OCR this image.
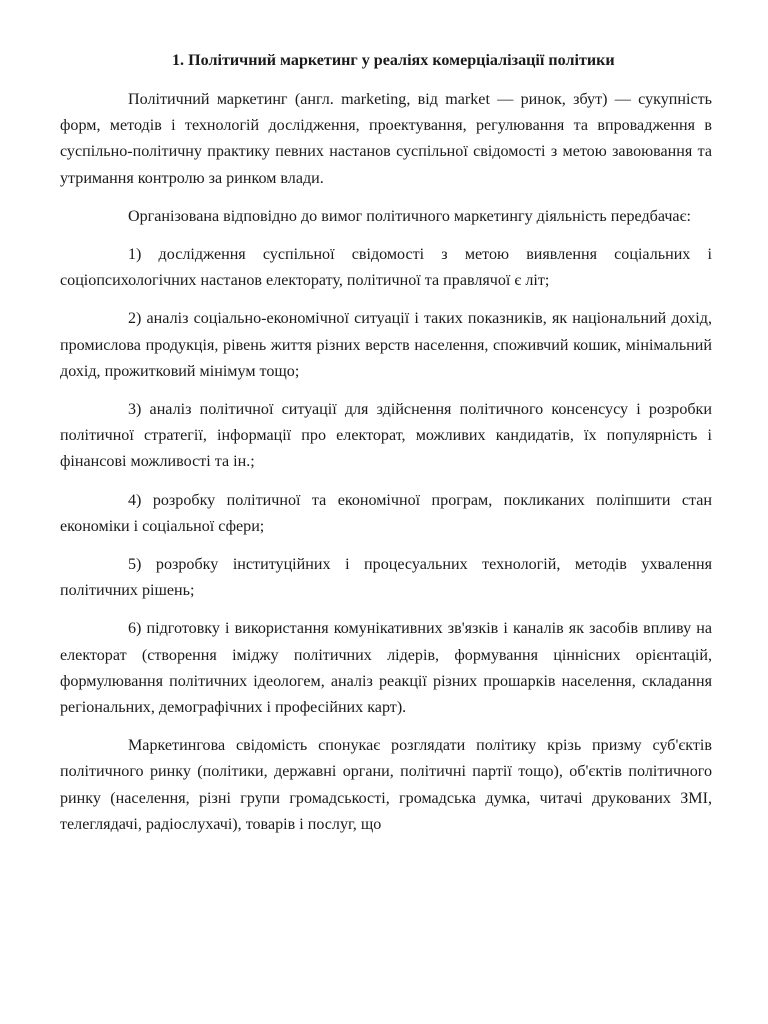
1. Політичний маркетинг у реаліях комерціалізації політики

Політичний маркетинг (англ. marketing, від market — ринок, збут) — сукупність форм, методів і технологій дослідження, проектування, регулювання та впровадження в суспільно-політичну практику певних настанов суспільної свідомості з метою завоювання та утримання контролю за ринком влади.

Організована відповідно до вимог політичного маркетингу діяльність передбачає:

1) дослідження суспільної свідомості з метою виявлення соціальних і соціопсихологічних настанов електорату, політичної та правлячої є літ;

2) аналіз соціально-економічної ситуації і таких показників, як національний дохід, промислова продукція, рівень життя різних верств населення, споживчий кошик, мінімальний дохід, прожитковий мінімум тощо;

3) аналіз політичної ситуації для здійснення політичного консенсусу і розробки політичної стратегії, інформації про електорат, можливих кандидатів, їх популярність і фінансові можливості та ін.;

4) розробку політичної та економічної програм, покликаних поліпшити стан економіки і соціальної сфери;

5) розробку інституційних і процесуальних технологій, методів ухвалення політичних рішень;

6) підготовку і використання комунікативних зв'язків і каналів як засобів впливу на електорат (створення іміджу політичних лідерів, формування ціннісних орієнтацій, формулювання політичних ідеологем, аналіз реакції різних прошарків населення, складання регіональних, демографічних і професійних карт).

Маркетингова свідомість спонукає розглядати політику крізь призму суб'єктів політичного ринку (політики, державні органи, політичні партії тощо), об'єктів політичного ринку (населення, різні групи громадськості, громадська думка, читачі друкованих ЗМІ, телеглядачі, радіослухачі), товарів і послуг, що
